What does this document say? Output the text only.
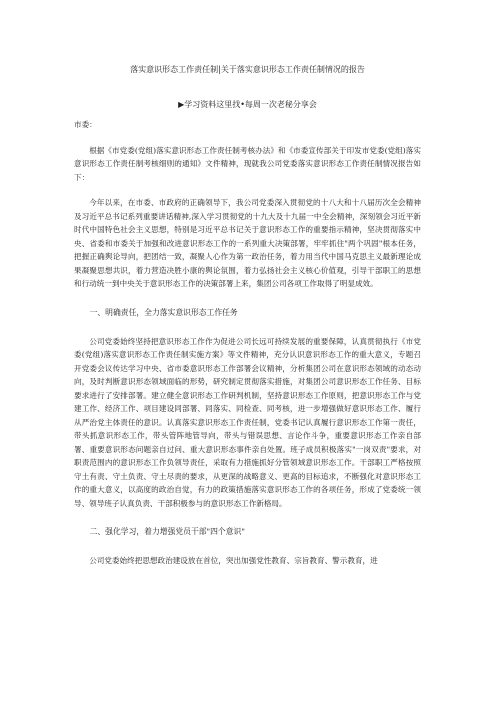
落实意识形态工作责任制|关于落实意识形态工作责任制情况的报告

▶学习资料这里找•每周一次老秘分享会

市委：

根据《市党委(党组)落实意识形态工作责任制考核办法》和《市委宣传部关于印发市党委(党组)落实意识形态工作责任制考核细则的通知》文件精神，现就我公司党委落实意识形态工作责任制情况报告如下：

今年以来，在市委、市政府的正确领导下，我公司党委深入贯彻党的十八大和十八届历次全会精神及习近平总书记系列重要讲话精神,深入学习贯彻党的十九大及十九届一中全会精神，深刻领会习近平新时代中国特色社会主义思想，特别是习近平总书记关于意识形态工作的重要指示精神，坚决贯彻落实中央、省委和市委关于加强和改进意识形态工作的一系列重大决策部署，牢牢抓住"两个巩固"根本任务，把握正确舆论导向，把团结一致，凝聚人心作为第一政治任务，着力用当代中国马克思主义最新理论成果凝聚思想共识，着力营造决胜小康的舆论氛围，着力弘扬社会主义核心价值观，引导干部职工的思想和行动统一到中央关于意识形态工作的决策部署上来，集团公司各项工作取得了明显成效。

一、明确责任，全力落实意识形态工作任务

公司党委始终坚持把意识形态工作作为促进公司长远可持续发展的重要保障，认真贯彻执行《市党委(党组)落实意识形态工作责任制实施方案》等文件精神，充分认识意识形态工作的重大意义，专题召开党委会议传达学习中央、省市委意识形态工作部署会议精神，分析集团公司在意识形态领域的动态动向，及时判断意识形态领域面临的形势，研究制定贯彻落实措施，对集团公司意识形态工作任务、目标要求进行了安排部署。建立健全意识形态工作研判机制，坚持意识形态工作原则，把意识形态工作与党建工作、经济工作、项目建设同部署、同落实、同检查、同考核，进一步增强做好意识形态工作、履行从严治党主体责任的意识。认真落实意识形态工作责任制，党委书记认真履行意识形态工作第一责任，带头抓意识形态工作，带头管阵地管导向，带头与错误思想、言论作斗争，重要意识形态工作亲自部署、重要意识形态问题亲自过问、重大意识形态事件亲自处置。班子成员积极落实"一岗双责"要求，对职责范围内的意识形态工作负领导责任，采取有力措施抓好分管领域意识形态工作。干部职工严格按照守土有责、守土负责、守土尽责的要求，从更深的战略意义、更高的目标追求，不断强化对意识形态工作的重大意义，以高度的政治自觉，有力的政策措施落实意识形态工作的各项任务，形成了党委统一领导、领导班子认真负责、干部积极参与的意识形态工作新格局。

二、强化学习，着力增强党员干部"四个意识"

公司党委始终把思想政治建设放在首位，突出加强党性教育、宗旨教育、警示教育，进
